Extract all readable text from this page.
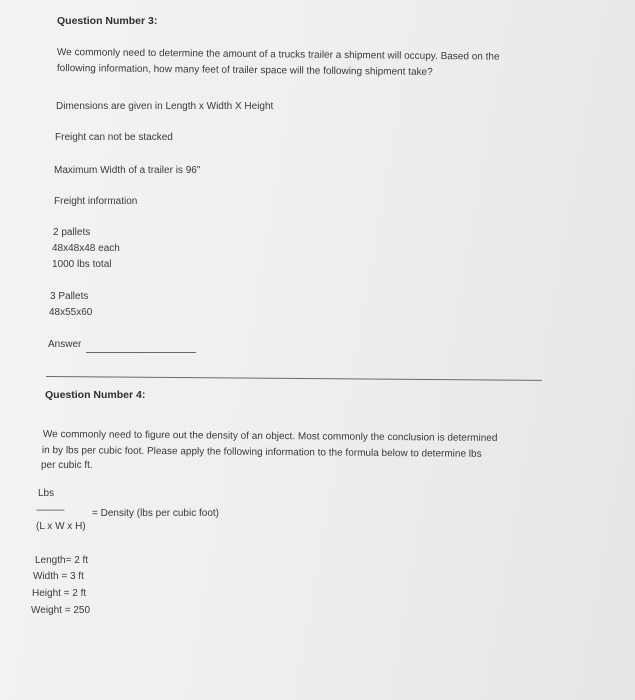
Question Number 3:
We commonly need to determine the amount of a trucks trailer a shipment will occupy. Based on the
following information, how many feet of trailer space will the following shipment take?
Dimensions are given in Length x Width X Height
Freight can not be stacked
Maximum Width of a trailer is 96"
Freight information
2 pallets
48x48x48 each
1000 lbs total
3 Pallets
48x55x60
Answer
Question Number 4:
We commonly need to figure out the density of an object. Most commonly the conclusion is determined
in by lbs per cubic foot. Please apply the following information to the formula below to determine lbs
per cubic ft.
Lbs
------------	= Density (lbs per cubic foot)
(L x W x H)
Length= 2 ft
Width = 3 ft
Height = 2 ft
Weight = 250
